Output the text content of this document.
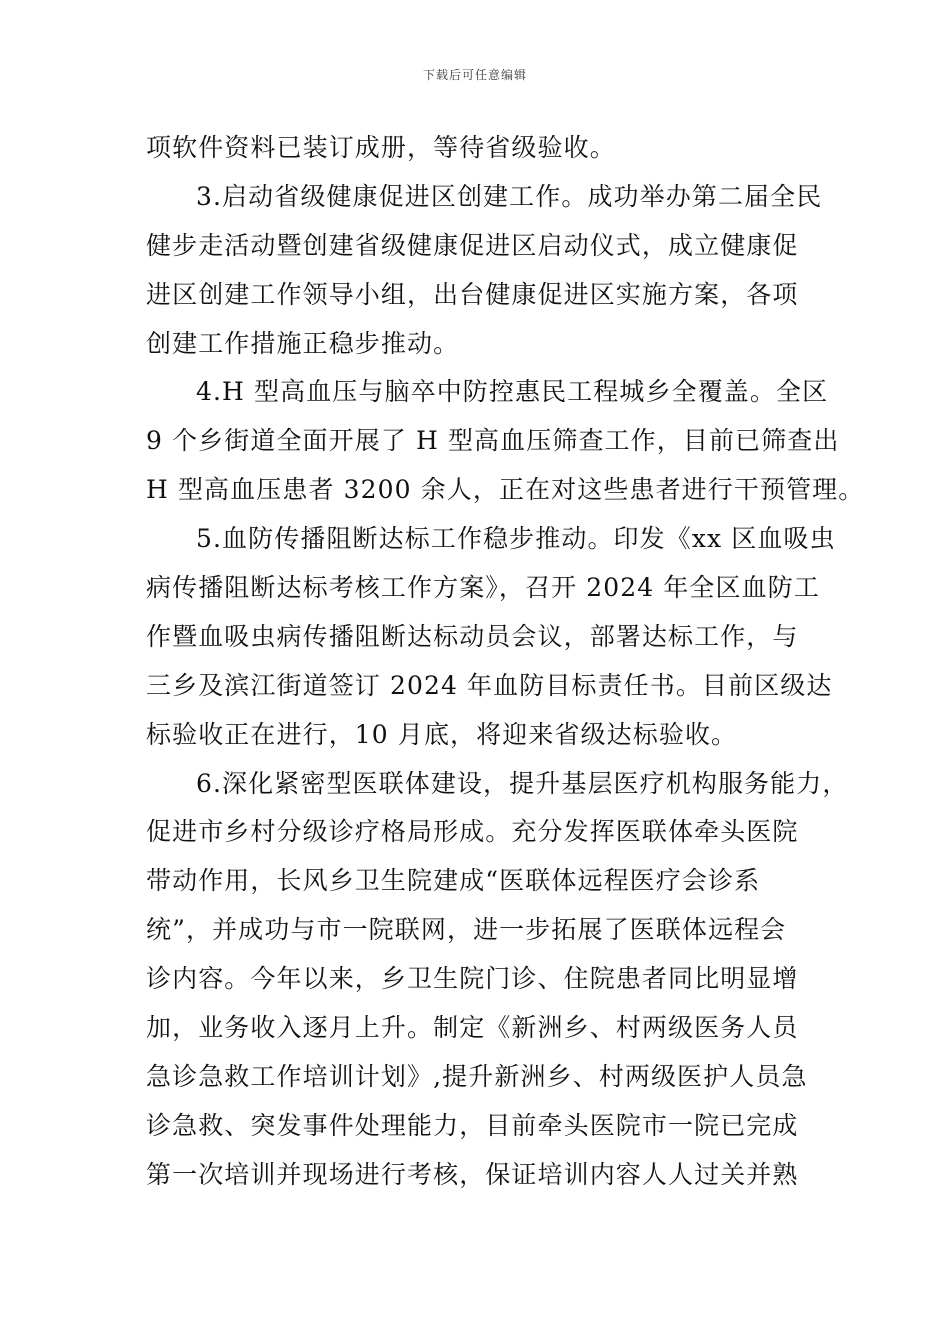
下载后可任意编辑
项软件资料已装订成册，等待省级验收。
3.启动省级健康促进区创建工作。成功举办第二届全民
健步走活动暨创建省级健康促进区启动仪式，成立健康促
进区创建工作领导小组，出台健康促进区实施方案，各项
创建工作措施正稳步推动。
4.H 型高血压与脑卒中防控惠民工程城乡全覆盖。全区
9 个乡街道全面开展了 H 型高血压筛查工作，目前已筛查出
H 型高血压患者 3200 余人，正在对这些患者进行干预管理。
5.血防传播阻断达标工作稳步推动。印发《xx 区血吸虫
病传播阻断达标考核工作方案》，召开 2024 年全区血防工
作暨血吸虫病传播阻断达标动员会议，部署达标工作，与
三乡及滨江街道签订 2024 年血防目标责任书。目前区级达
标验收正在进行，10 月底，将迎来省级达标验收。
6.深化紧密型医联体建设，提升基层医疗机构服务能力，
促进市乡村分级诊疗格局形成。充分发挥医联体牵头医院
带动作用，长风乡卫生院建成“医联体远程医疗会诊系
统”，并成功与市一院联网，进一步拓展了医联体远程会
诊内容。今年以来，乡卫生院门诊、住院患者同比明显增
加，业务收入逐月上升。制定《新洲乡、村两级医务人员
急诊急救工作培训计划》,提升新洲乡、村两级医护人员急
诊急救、突发事件处理能力，目前牵头医院市一院已完成
第一次培训并现场进行考核，保证培训内容人人过关并熟
